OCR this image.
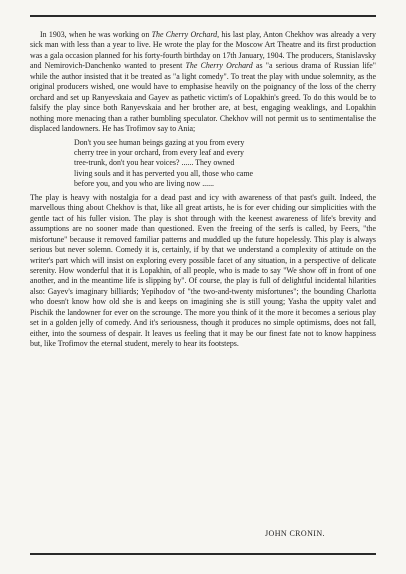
In 1903, when he was working on The Cherry Orchard, his last play, Anton Chekhov was already a very sick man with less than a year to live. He wrote the play for the Moscow Art Theatre and its first production was a gala occasion planned for his forty-fourth birthday on 17th January, 1904. The producers, Stanislavsky and Nemirovich-Danchenko wanted to present The Cherry Orchard as "a serious drama of Russian life" while the author insisted that it be treated as "a light comedy". To treat the play with undue solemnity, as the original producers wished, one would have to emphasise heavily on the poignancy of the loss of the cherry orchard and set up Ranyevskaia and Gayev as pathetic victim's of Lopakhin's greed. To do this would be to falsify the play since both Ranyevskaia and her brother are, at best, engaging weaklings, and Lopakhin nothing more menacing than a rather bumbling speculator. Chekhov will not permit us to sentimentalise the displaced landowners. He has Trofimov say to Ania;

Don't you see human beings gazing at you from every
cherry tree in your orchard, from every leaf and every
tree-trunk, don't you hear voices? ...... They owned
living souls and it has perverted you all, those who came
before you, and you who are living now ......

The play is heavy with nostalgia for a dead past and icy with awareness of that past's guilt. Indeed, the marvellous thing about Chekhov is that, like all great artists, he is for ever chiding our simplicities with the gentle tact of his fuller vision. The play is shot through with the keenest awareness of life's brevity and assumptions are no sooner made than questioned. Even the freeing of the serfs is called, by Feers, "the misfortune" because it removed familiar patterns and muddled up the future hopelessly. This play is always serious but never solemn. Comedy it is, certainly, if by that we understand a complexity of attitude on the writer's part which will insist on exploring every possible facet of any situation, in a perspective of delicate serenity. How wonderful that it is Lopakhin, of all people, who is made to say "We show off in front of one another, and in the meantime life is slipping by". Of course, the play is full of delightful incidental hilarities also: Gayev's imaginary billiards; Yepihodov of "the two-and-twenty misfortunes"; the bounding Charlotta who doesn't know how old she is and keeps on imagining she is still young; Yasha the uppity valet and Pischik the landowner for ever on the scrounge. The more you think of it the more it becomes a serious play set in a golden jelly of comedy. And it's seriousness, though it produces no simple optimisms, does not fall, either, into the sourness of despair. It leaves us feeling that it may be our finest fate not to know happiness but, like Trofimov the eternal student, merely to hear its footsteps.

JOHN CRONIN.
